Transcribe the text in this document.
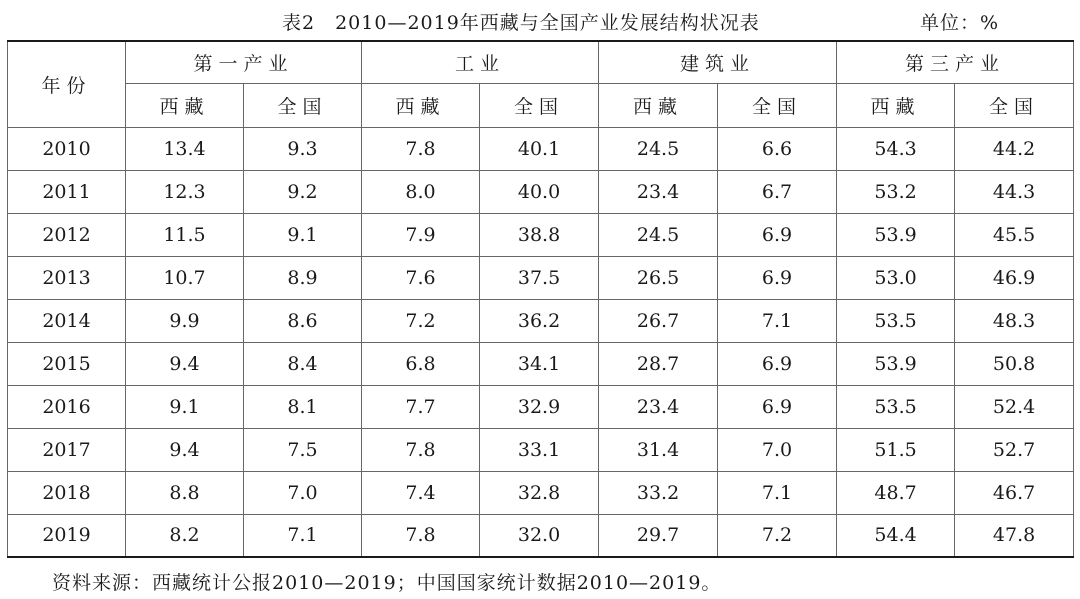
表2　2010—2019年西藏与全国产业发展结构状况表	单位：%
年份	第一产业		工业		建筑业		第三产业	
	西藏	全国	西藏	全国	西藏	全国	西藏	全国
2010	13.4	9.3	7.8	40.1	24.5	6.6	54.3	44.2
2011	12.3	9.2	8.0	40.0	23.4	6.7	53.2	44.3
2012	11.5	9.1	7.9	38.8	24.5	6.9	53.9	45.5
2013	10.7	8.9	7.6	37.5	26.5	6.9	53.0	46.9
2014	9.9	8.6	7.2	36.2	26.7	7.1	53.5	48.3
2015	9.4	8.4	6.8	34.1	28.7	6.9	53.9	50.8
2016	9.1	8.1	7.7	32.9	23.4	6.9	53.5	52.4
2017	9.4	7.5	7.8	33.1	31.4	7.0	51.5	52.7
2018	8.8	7.0	7.4	32.8	33.2	7.1	48.7	46.7
2019	8.2	7.1	7.8	32.0	29.7	7.2	54.4	47.8
资料来源：西藏统计公报2010—2019；中国国家统计数据2010—2019。
